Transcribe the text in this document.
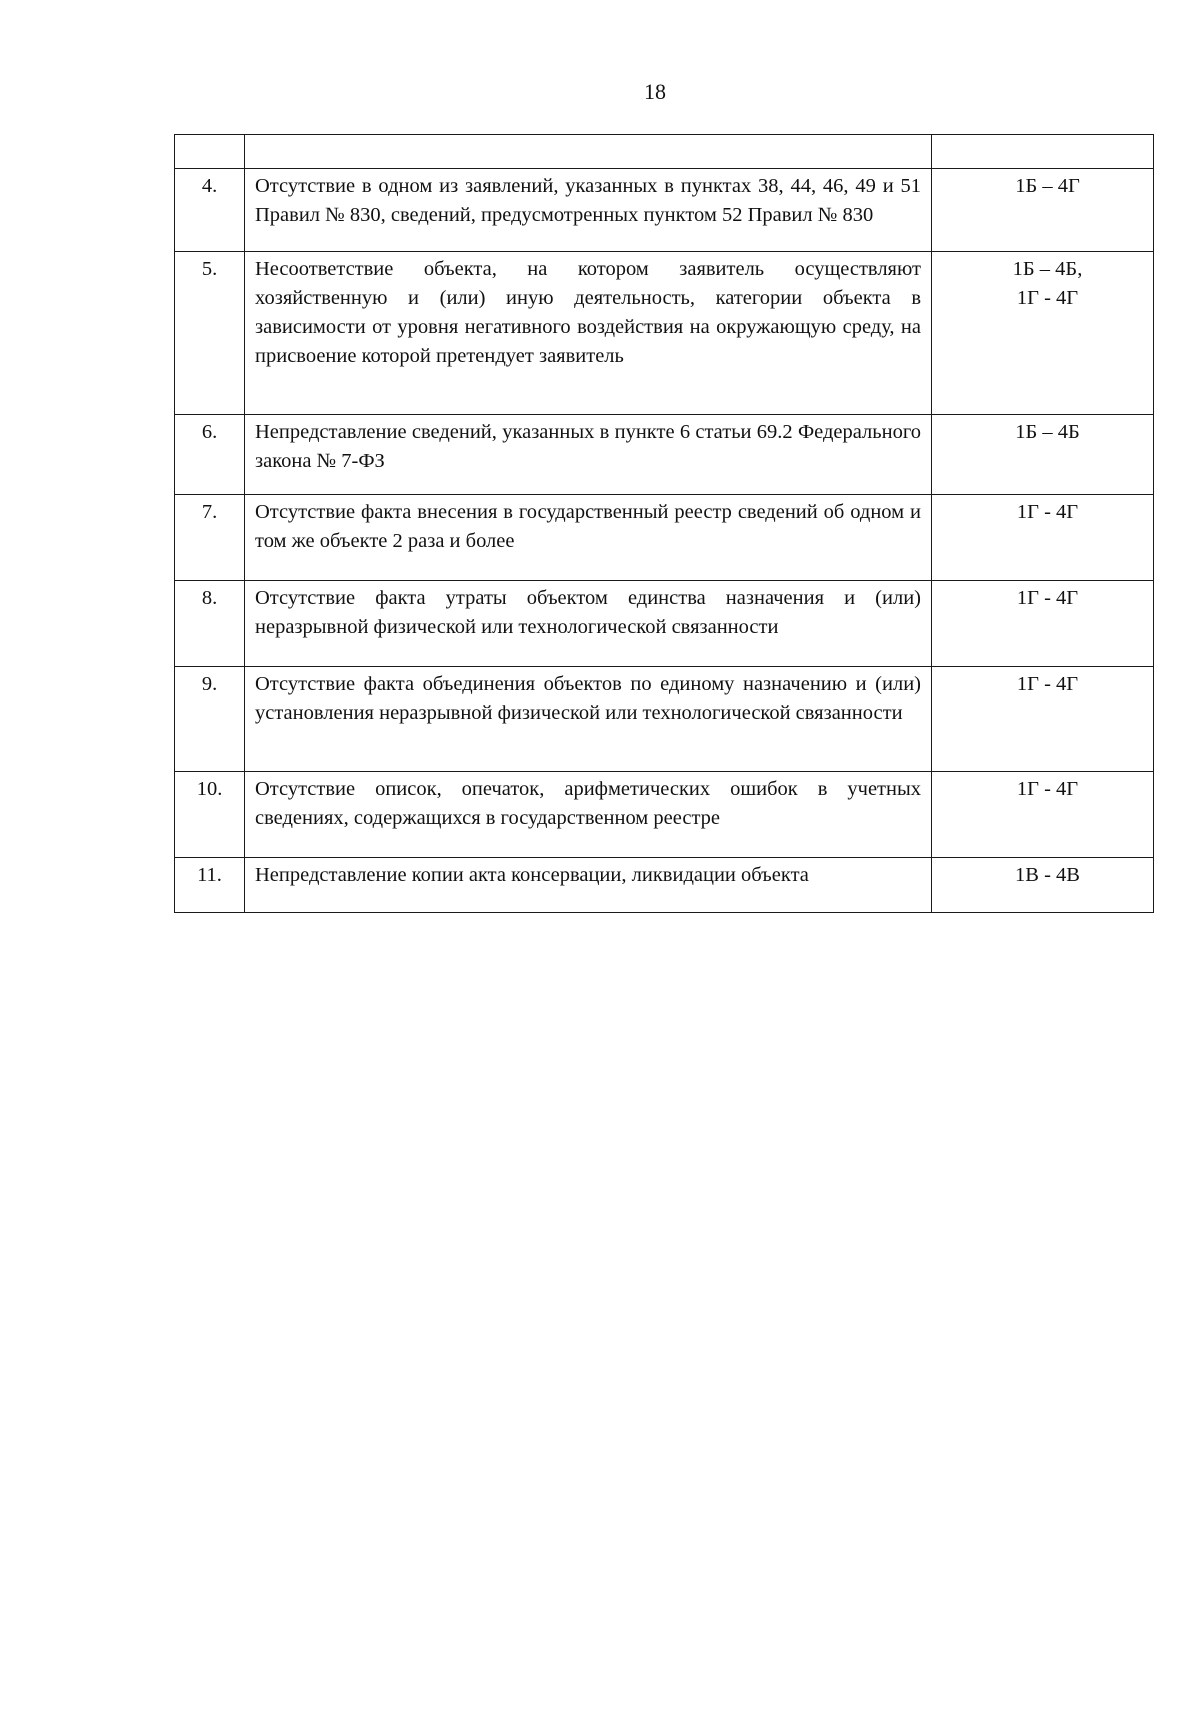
18

4.	Отсутствие в одном из заявлений, указанных в пунктах 38, 44, 46, 49 и 51 Правил № 830, сведений, предусмотренных пунктом 52 Правил № 830	1Б – 4Г

5.	Несоответствие объекта, на котором заявитель осуществляют хозяйственную и (или) иную деятельность, категории объекта в зависимости от уровня негативного воздействия на окружающую среду, на присвоение которой претендует заявитель	1Б – 4Б,
1Г - 4Г

6.	Непредставление сведений, указанных в пункте 6 статьи 69.2 Федерального закона № 7-ФЗ	1Б – 4Б

7.	Отсутствие факта внесения в государственный реестр сведений об одном и том же объекте 2 раза и более	1Г - 4Г

8.	Отсутствие факта утраты объектом единства назначения и (или) неразрывной физической или технологической связанности	1Г - 4Г

9.	Отсутствие факта объединения объектов по единому назначению и (или) установления неразрывной физической или технологической связанности	1Г - 4Г

10.	Отсутствие описок, опечаток, арифметических ошибок в учетных сведениях, содержащихся в государственном реестре	1Г - 4Г

11.	Непредставление копии акта консервации, ликвидации объекта	1В - 4В
